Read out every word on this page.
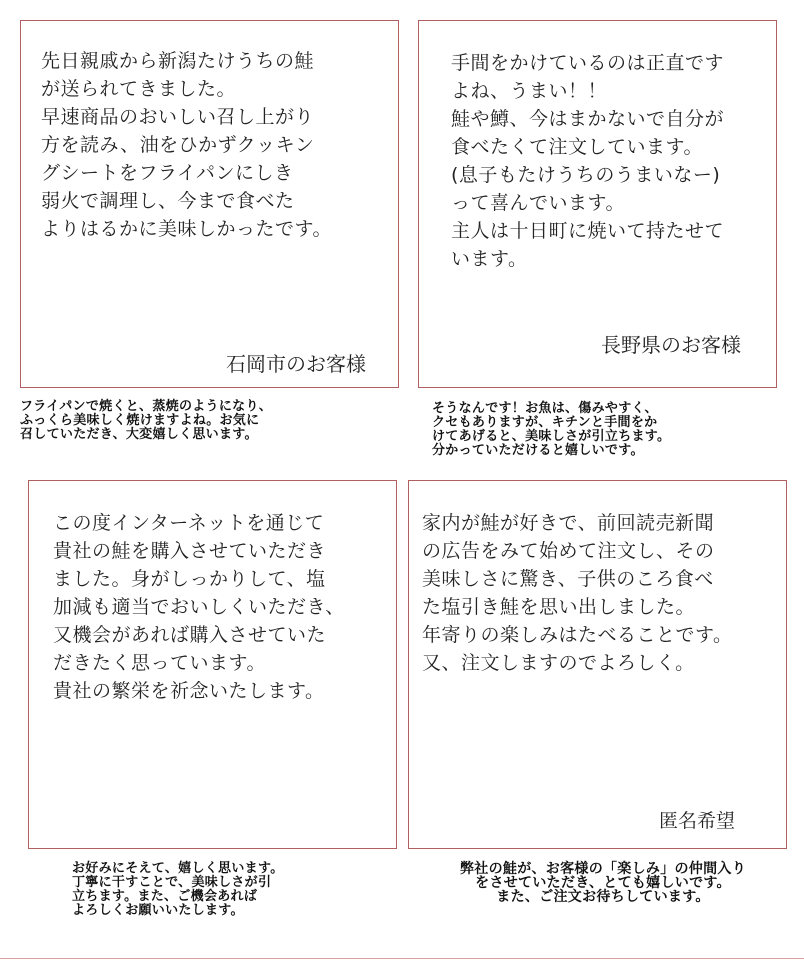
先日親戚から新潟たけうちの鮭
が送られてきました。
早速商品のおいしい召し上がり
方を読み、油をひかずクッキン
グシートをフライパンにしき
弱火で調理し、今まで食べた
よりはるかに美味しかったです。
石岡市のお客様
フライパンで焼くと、蒸焼のようになり、
ふっくら美味しく焼けますよね。お気に
召していただき、大変嬉しく思います。
手間をかけているのは正直です
よね、うまい！！
鮭や鱒、今はまかないで自分が
食べたくて注文しています。
(息子もたけうちのうまいなー)
って喜んでいます。
主人は十日町に焼いて持たせて
います。
長野県のお客様
そうなんです！お魚は、傷みやすく、
クセもありますが、キチンと手間をか
けてあげると、美味しさが引立ちます。
分かっていただけると嬉しいです。
この度インターネットを通じて
貴社の鮭を購入させていただき
ました。身がしっかりして、塩
加減も適当でおいしくいただき、
又機会があれば購入させていた
だきたく思っています。
貴社の繁栄を祈念いたします。
お好みにそえて、嬉しく思います。
丁寧に干すことで、美味しさが引
立ちます。また、ご機会あれば
よろしくお願いいたします。
家内が鮭が好きで、前回読売新聞
の広告をみて始めて注文し、その
美味しさに驚き、子供のころ食べ
た塩引き鮭を思い出しました。
年寄りの楽しみはたべることです。
又、注文しますのでよろしく。
匿名希望
弊社の鮭が、お客様の「楽しみ」の仲間入り
をさせていただき、とても嬉しいです。
また、ご注文お待ちしています。
